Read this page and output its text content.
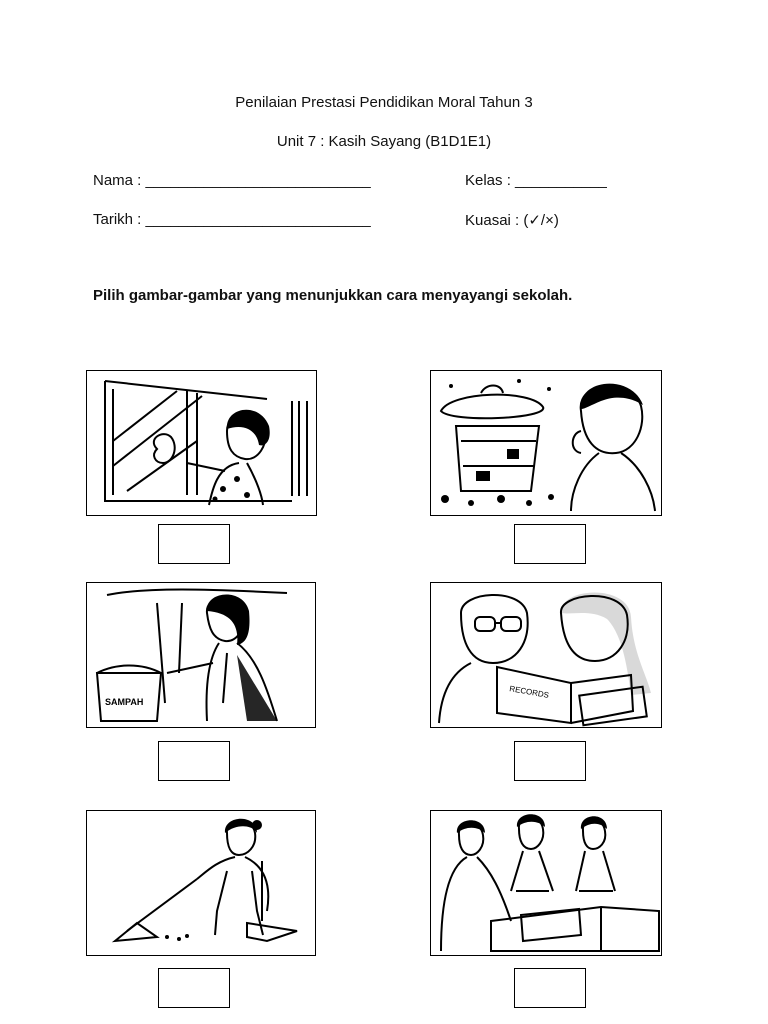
Penilaian Prestasi Pendidikan Moral Tahun 3
Unit 7 : Kasih Sayang (B1D1E1)
Nama : ___________________________	Kelas : ___________
Tarikh : ___________________________	Kuasai : (✓/×)
Pilih gambar-gambar yang menunjukkan cara menyayangi sekolah.
SAMPAH
RECORDS
